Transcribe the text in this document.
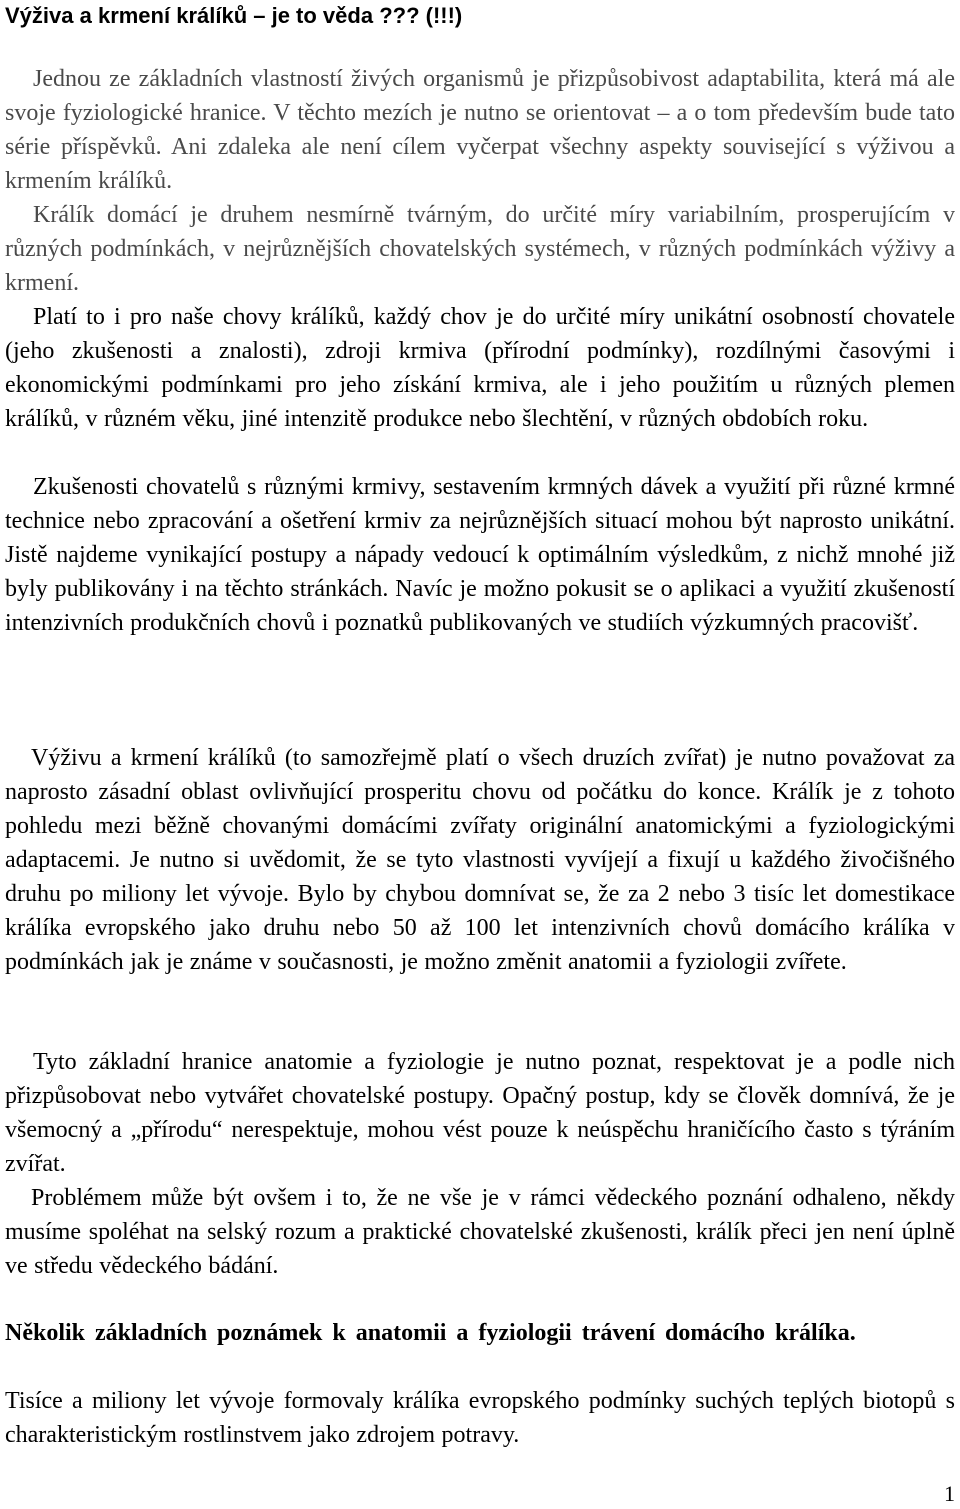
Výživa a krmení králíků – je to věda ??? (!!!)

Jednou ze základních vlastností živých organismů je přizpůsobivost adaptabilita, která má ale svoje fyziologické hranice. V těchto mezích je nutno se orientovat – a o tom především bude tato série příspěvků. Ani zdaleka ale není cílem vyčerpat všechny aspekty související s výživou a krmením králíků.

Králík domácí je druhem nesmírně tvárným, do určité míry variabilním, prosperujícím v různých podmínkách, v nejrůznějších chovatelských systémech, v různých podmínkách výživy a krmení.

Platí to i pro naše chovy králíků, každý chov je do určité míry unikátní osobností chovatele (jeho zkušenosti a znalosti), zdroji krmiva (přírodní podmínky), rozdílnými časovými i ekonomickými podmínkami pro jeho získání krmiva, ale i jeho použitím u různých plemen králíků, v různém věku, jiné intenzitě produkce nebo šlechtění, v různých obdobích roku.

Zkušenosti chovatelů s různými krmivy, sestavením krmných dávek a využití při různé krmné technice nebo zpracování a ošetření krmiv za nejrůznějších situací mohou být naprosto unikátní. Jistě najdeme vynikající postupy a nápady vedoucí k optimálním výsledkům, z nichž mnohé již byly publikovány i na těchto stránkách. Navíc je možno pokusit se o aplikaci a využití zkušeností intenzivních produkčních chovů i poznatků publikovaných ve studiích výzkumných pracovišť.

Výživu a krmení králíků (to samozřejmě platí o všech druzích zvířat) je nutno považovat za naprosto zásadní oblast ovlivňující prosperitu chovu od počátku do konce. Králík je z tohoto pohledu mezi běžně chovanými domácími zvířaty originální anatomickými a fyziologickými adaptacemi. Je nutno si uvědomit, že se tyto vlastnosti vyvíjejí a fixují u každého živočišného druhu po miliony let vývoje. Bylo by chybou domnívat se, že za 2 nebo 3 tisíc let domestikace králíka evropského jako druhu nebo 50 až 100 let intenzivních chovů domácího králíka v podmínkách jak je známe v současnosti, je možno změnit anatomii a fyziologii zvířete.

Tyto základní hranice anatomie a fyziologie je nutno poznat, respektovat je a podle nich přizpůsobovat nebo vytvářet chovatelské postupy. Opačný postup, kdy se člověk domnívá, že je všemocný a „přírodu“ nerespektuje, mohou vést pouze k neúspěchu hraničícího často s týráním zvířat.

Problémem může být ovšem i to, že ne vše je v rámci vědeckého poznání odhaleno, někdy musíme spoléhat na selský rozum a praktické chovatelské zkušenosti, králík přeci jen není úplně ve středu vědeckého bádání.

Několik základních poznámek k anatomii a fyziologii trávení domácího králíka.

Tisíce a miliony let vývoje formovaly králíka evropského podmínky suchých teplých biotopů s charakteristickým rostlinstvem jako zdrojem potravy.

1
